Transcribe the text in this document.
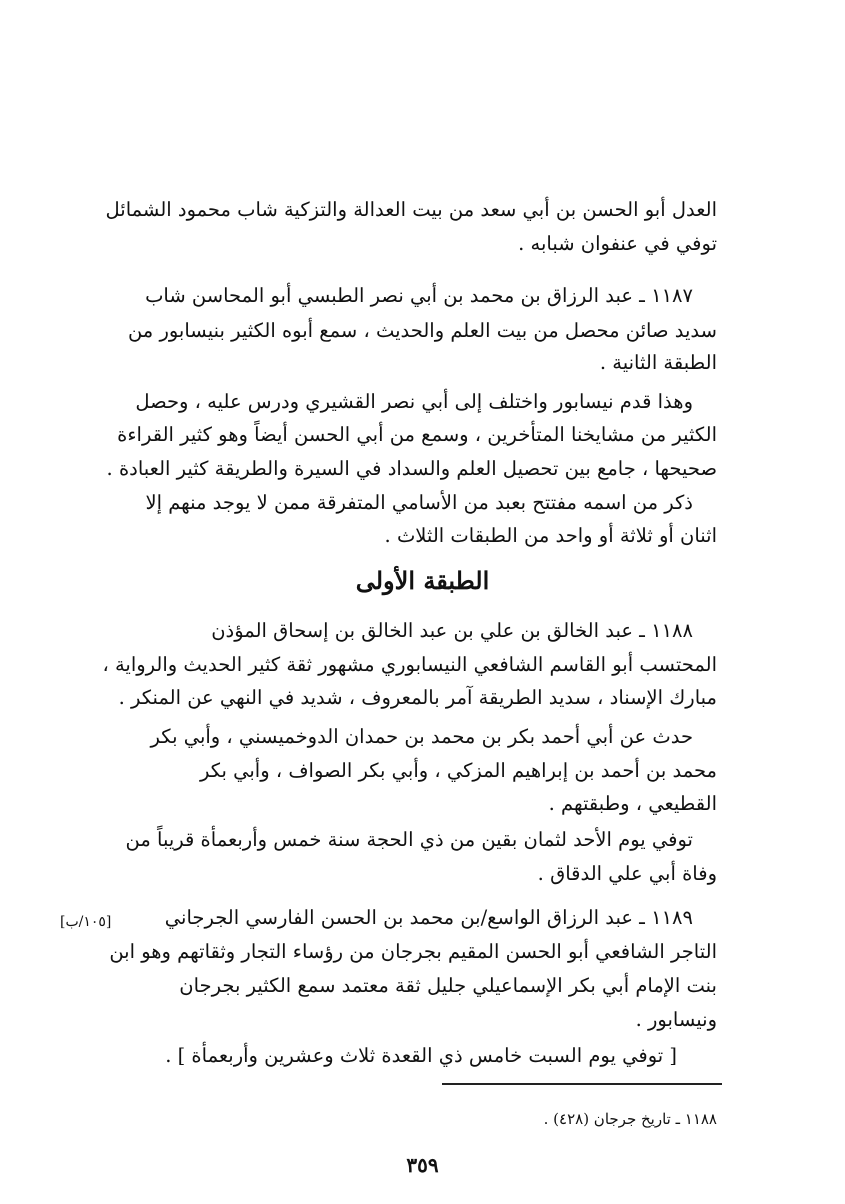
العدل أبو الحسن بن أبي سعد من بيت العدالة والتزكية شاب محمود الشمائل
توفي في عنفوان شبابه .
١١٨٧ ـ عبد الرزاق بن محمد بن أبي نصر الطبسي أبو المحاسن شاب
سديد صائن محصل من بيت العلم والحديث ، سمع أبوه الكثير بنيسابور من
الطبقة الثانية .
وهذا قدم نيسابور واختلف إلى أبي نصر القشيري ودرس عليه ، وحصل
الكثير من مشايخنا المتأخرين ، وسمع من أبي الحسن أيضاً وهو كثير القراءة
صحيحها ، جامع بين تحصيل العلم والسداد في السيرة والطريقة كثير العبادة .
ذكر من اسمه مفتتح بعبد من الأسامي المتفرقة ممن لا يوجد منهم إلا
اثنان أو ثلاثة أو واحد من الطبقات الثلاث .
الطبقة الأولى
١١٨٨ ـ عبد الخالق بن علي بن عبد الخالق بن إسحاق المؤذن
المحتسب أبو القاسم الشافعي النيسابوري مشهور ثقة كثير الحديث والرواية ،
مبارك الإسناد ، سديد الطريقة آمر بالمعروف ، شديد في النهي عن المنكر .
حدث عن أبي أحمد بكر بن محمد بن حمدان الدوخميسني ، وأبي بكر
محمد بن أحمد بن إبراهيم المزكي ، وأبي بكر الصواف ، وأبي بكر
القطيعي ، وطبقتهم .
توفي يوم الأحد لثمان بقين من ذي الحجة سنة خمس وأربعمأة قريباً من
وفاة أبي علي الدقاق .
١١٨٩ ـ عبد الرزاق الواسع/بن محمد بن الحسن الفارسي الجرجاني
[١٠٥/ب]
التاجر الشافعي أبو الحسن المقيم بجرجان من رؤساء التجار وثقاتهم وهو ابن
بنت الإمام أبي بكر الإسماعيلي جليل ثقة معتمد سمع الكثير بجرجان
ونيسابور .
[ توفي يوم السبت خامس ذي القعدة ثلاث وعشرين وأربعمأة ] .
١١٨٨ ـ تاريخ جرجان (٤٢٨) .
٣٥٩
